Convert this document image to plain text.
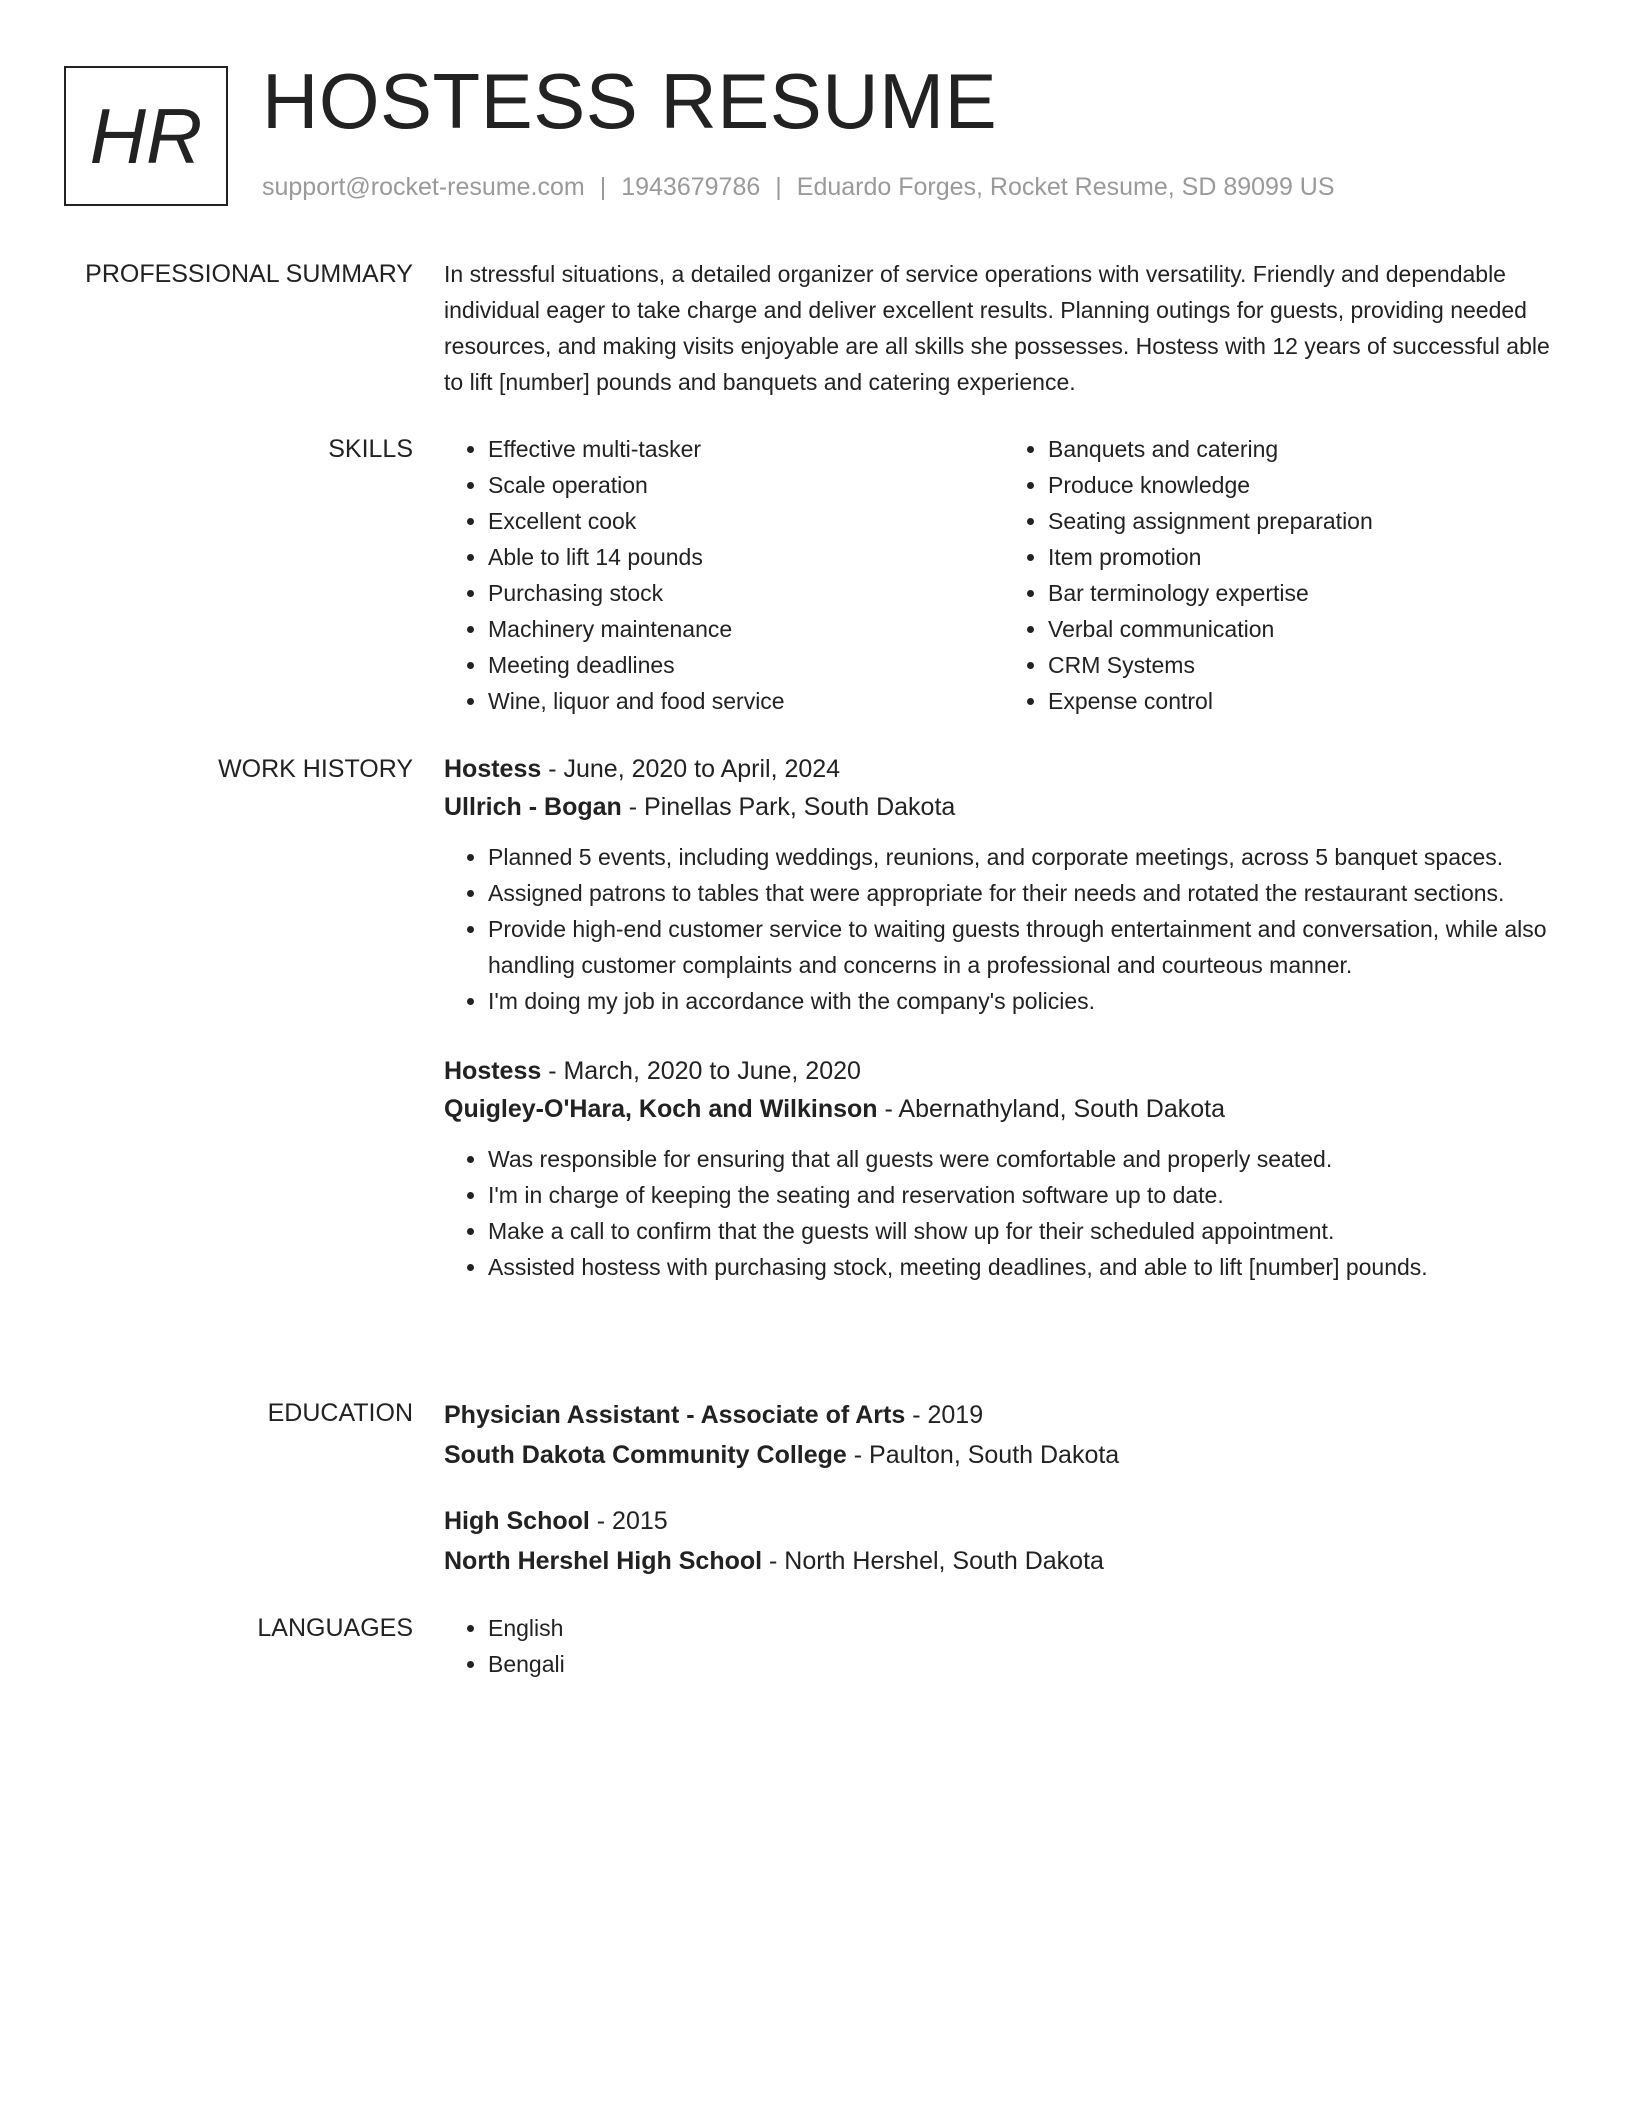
HR HOSTESS RESUME
support@rocket-resume.com | 1943679786 | Eduardo Forges, Rocket Resume, SD 89099 US
PROFESSIONAL SUMMARY In stressful situations, a detailed organizer of service operations with versatility. Friendly and dependable individual eager to take charge and deliver excellent results. Planning outings for guests, providing needed resources, and making visits enjoyable are all skills she possesses. Hostess with 12 years of successful able to lift [number] pounds and banquets and catering experience.

SKILLS	• Effective multi-tasker
• Scale operation
• Excellent cook
• Able to lift 14 pounds
• Purchasing stock
• Machinery maintenance
• Meeting deadlines
• Wine, liquor and food service
• Banquets and catering
• Produce knowledge
• Seating assignment preparation
• Item promotion
• Bar terminology expertise
• Verbal communication
• CRM Systems
• Expense control
WORK HISTORY Hostess - June, 2020 to April, 2024

Ullrich - Bogan - Pinellas Park, South Dakota

• Planned 5 events, including weddings, reunions, and corporate meetings, across 5 banquet spaces.
• Assigned patrons to tables that were appropriate for their needs and rotated the restaurant sections.
• Provide high-end customer service to waiting guests through entertainment and conversation, while also handling customer complaints and concerns in a professional and courteous manner.
• I'm doing my job in accordance with the company's policies.

Hostess - March, 2020 to June, 2020

Quigley-O'Hara, Koch and Wilkinson - Abernathyland, South Dakota

• Was responsible for ensuring that all guests were comfortable and properly seated.
• I'm in charge of keeping the seating and reservation software up to date.
• Make a call to confirm that the guests will show up for their scheduled appointment.
• Assisted hostess with purchasing stock, meeting deadlines, and able to lift [number] pounds.
EDUCATION Physician Assistant - Associate of Arts - 2019

South Dakota Community College - Paulton, South Dakota

High School - 2015

North Hershel High School - North Hershel, South Dakota

LANGUAGES	• English
• Bengali
